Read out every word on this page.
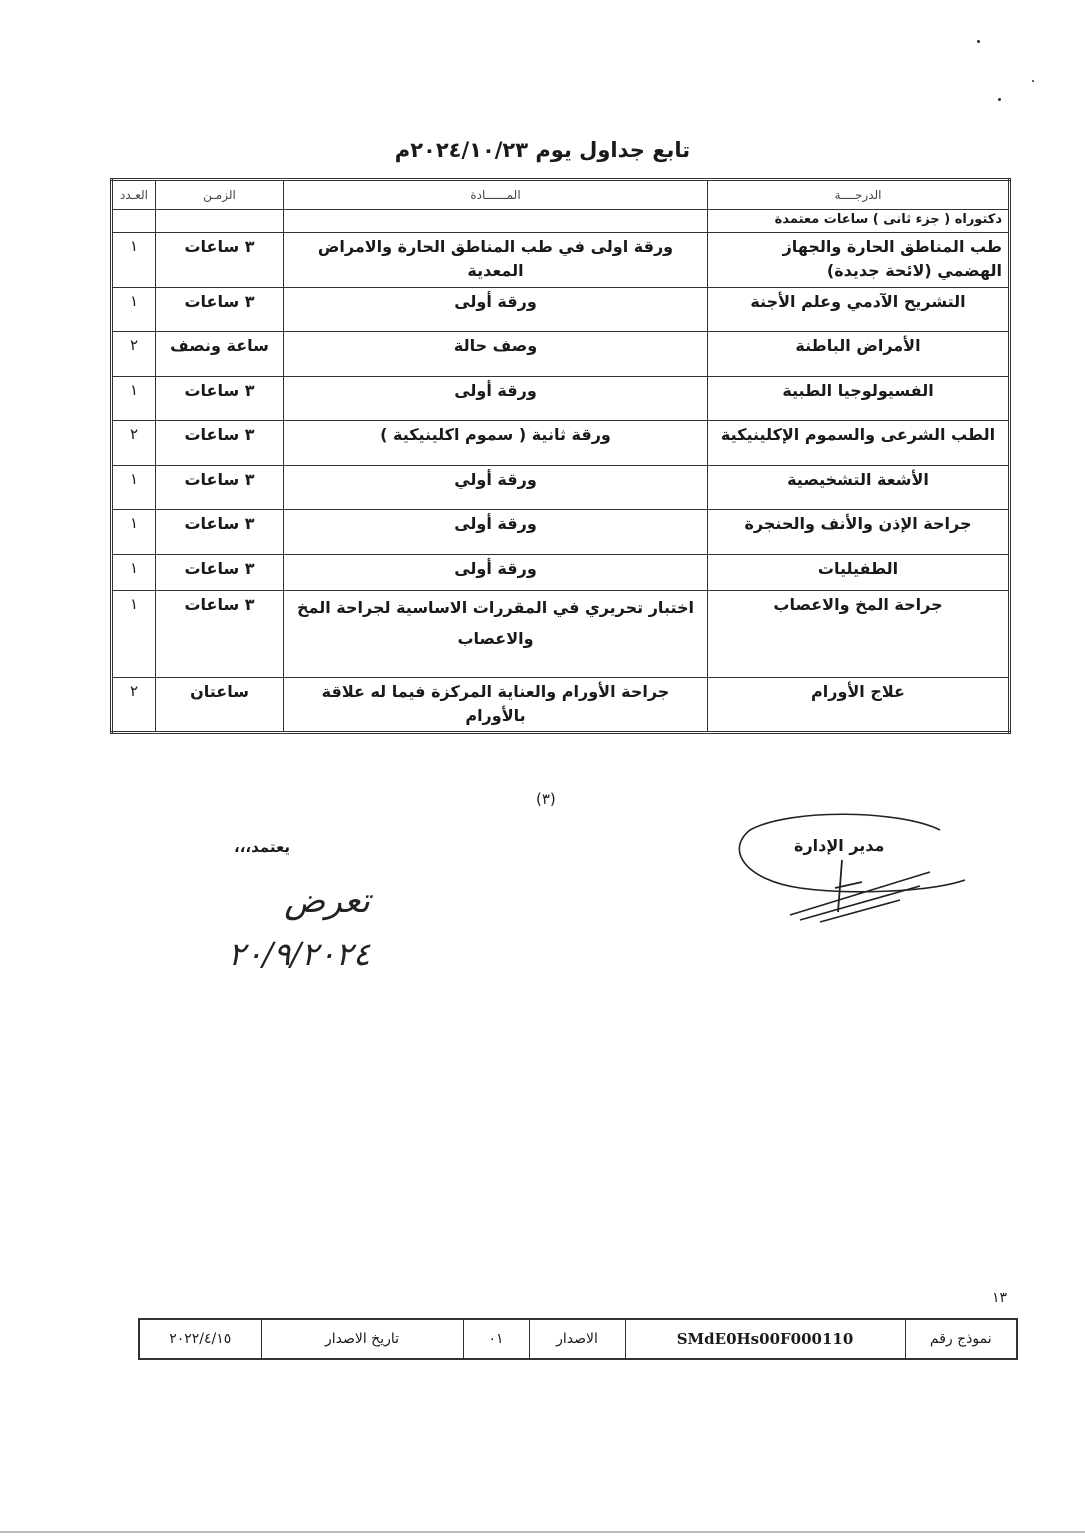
تابع جداول يوم ٢٠٢٤/١٠/٢٣م
الدرجــــة	المــــــادة	الزمـن	العـدد
دكتوراه ( جزء ثانى ) ساعات معتمدة			
طب المناطق الحارة والجهاز الهضمي (لائحة جديدة)	ورقة اولى في طب المناطق الحارة والامراض المعدية	٣ ساعات	١
التشريح الآدمي وعلم الأجنة	ورقة أولى	٣ ساعات	١
الأمراض الباطنة	وصف حالة	ساعة ونصف	٢
الفسيولوجيا الطبية	ورقة أولى	٣ ساعات	١
الطب الشرعى والسموم الإكلينيكية	ورقة ثانية ( سموم اكلينيكية )	٣ ساعات	٢
الأشعة التشخيصية	ورقة أولي	٣ ساعات	١
جراحة الإذن والأنف والحنجرة	ورقة أولى	٣ ساعات	١
الطفيليات	ورقة أولى	٣ ساعات	١
جراحة المخ والاعصاب	اختبار تحريري في المقررات الاساسية لجراحة المخ والاعصاب	٣ ساعات	١
علاج الأورام	جراحة الأورام والعناية المركزة فيما له علاقة بالأورام	ساعتان	٢
(٣)
مدير الإدارة
يعتمد،،،
تعرض
٢٠/٩/٢٠٢٤
١٣
نموذج رقم	SMdE0Hs00F000110	الاصدار	٠١	تاريخ الاصدار	٢٠٢٢/٤/١٥
